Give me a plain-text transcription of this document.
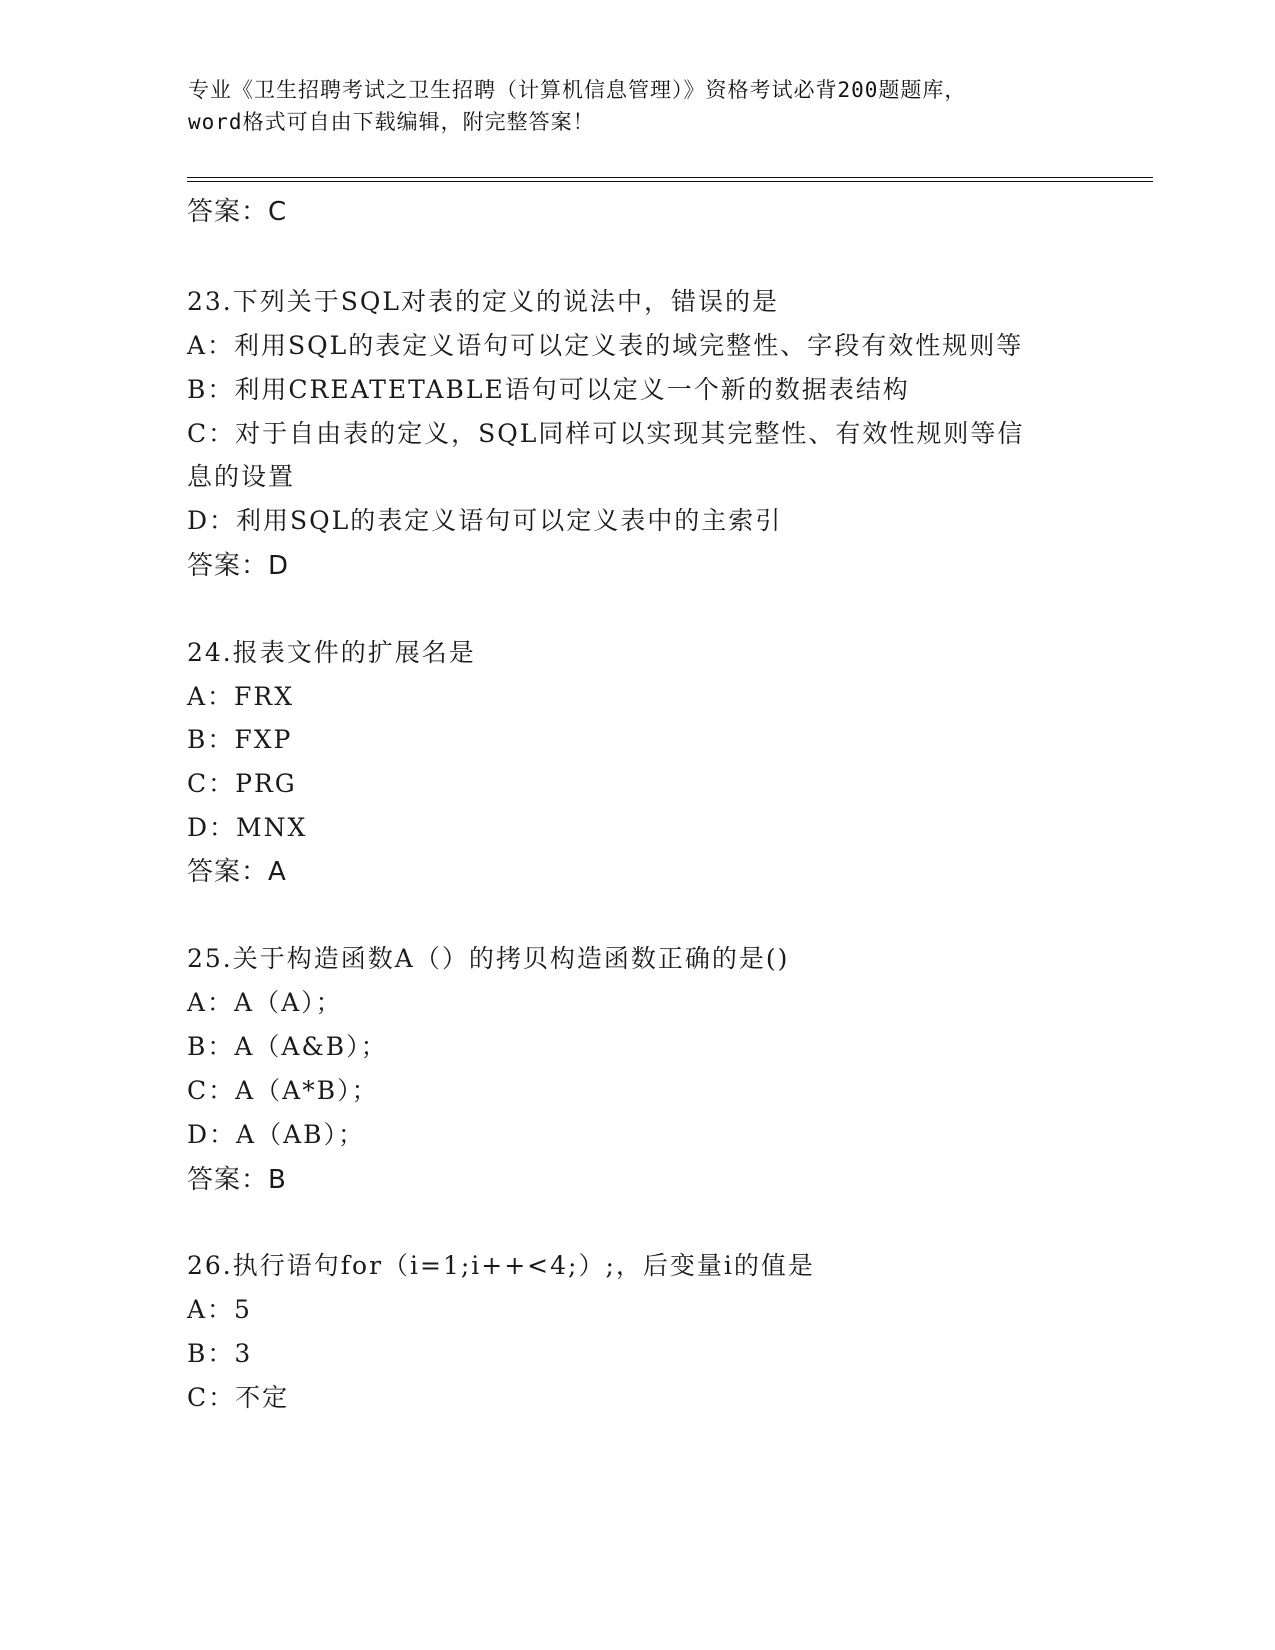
专业《卫生招聘考试之卫生招聘（计算机信息管理）》资格考试必背200题题库，
word格式可自由下载编辑，附完整答案！
答案：C
23.下列关于SQL对表的定义的说法中，错误的是
A：利用SQL的表定义语句可以定义表的域完整性、字段有效性规则等
B：利用CREATETABLE语句可以定义一个新的数据表结构
C：对于自由表的定义，SQL同样可以实现其完整性、有效性规则等信
息的设置
D：利用SQL的表定义语句可以定义表中的主索引
答案：D
24.报表文件的扩展名是
A：FRX
B：FXP
C：PRG
D：MNX
答案：A
25.关于构造函数A（）的拷贝构造函数正确的是()
A：A（A）；
B：A（A&B）；
C：A（A*B）；
D：A（AB）；
答案：B
26.执行语句for（i=1;i++<4;）;，后变量i的值是
A：5
B：3
C：不定
